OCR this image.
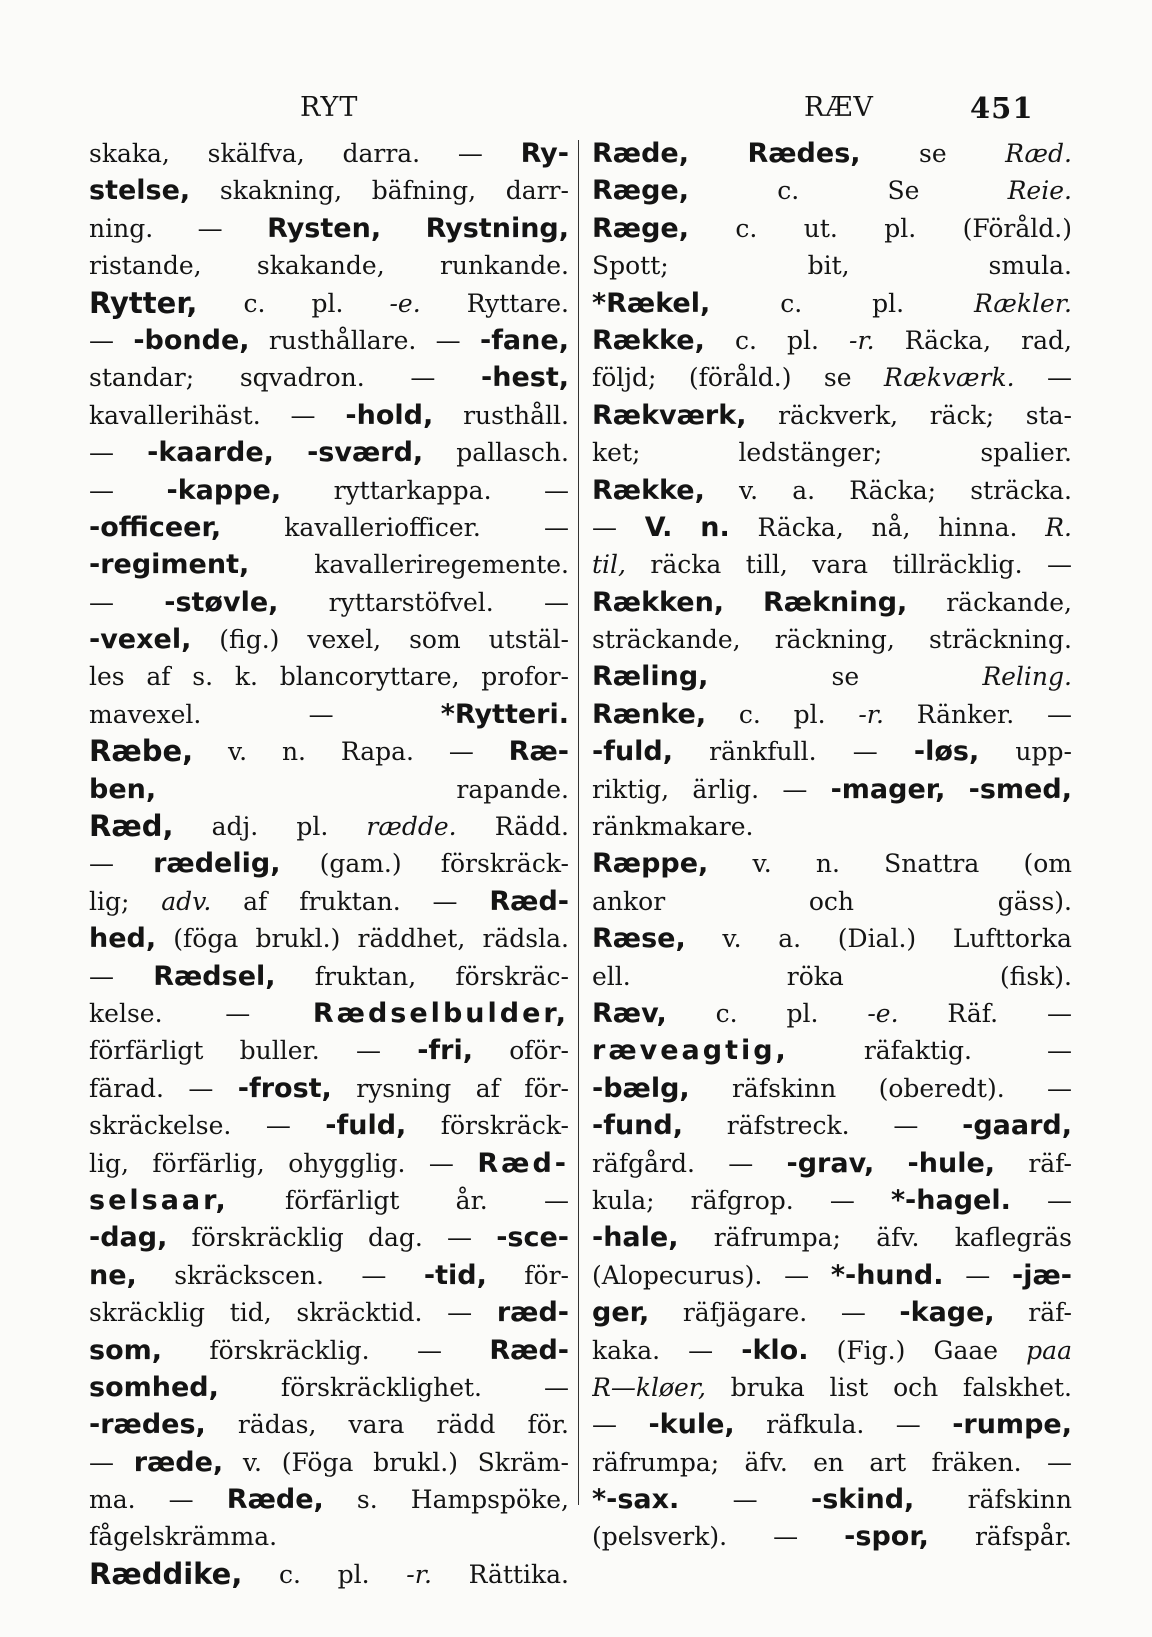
RYT	RÆV	451
skaka, skälfva, darra. — Ry-
stelse, skakning, bäfning, darr-
ning. — Rysten, Rystning,
ristande, skakande, runkande.
Rytter, c. pl. -e. Ryttare.
— -bonde, rusthållare. — -fane,
standar; sqvadron. — -hest,
kavallerihäst. — -hold, rusthåll.
— -kaarde, -sværd, pallasch.
— -kappe, ryttarkappa. —
-officeer,	kavalleriofficer.	—
-regiment,	kavalleriregemente.
— -støvle, ryttarstöfvel. —
-vexel, (fig.) vexel, som utstäl-
les af s. k. blancoryttare, profor-
mavexel.	—	*Rytteri.
Ræbe, v. n. Rapa. — Ræ-
ben,	rapande.
Ræd, adj. pl. rædde. Rädd.
— rædelig, (gam.) förskräck-
lig; adv. af fruktan. — Ræd-
hed, (föga brukl.) räddhet, rädsla.
— Rædsel, fruktan, förskräc-
kelse.	— Rædselbulder,
förfärligt buller. — -fri, oför-
färad. — -frost, rysning af för-
skräckelse. — -fuld, förskräck-
lig, förfärlig, ohygglig. — Ræd-
selsaar, förfärligt år. —
-dag, förskräcklig dag. — -sce-
ne, skräckscen. — -tid, för-
skräcklig tid, skräcktid. — ræd-
som, förskräcklig. — Ræd-
somhed, förskräcklighet. —
-rædes, rädas, vara rädd för.
— ræde, v. (Föga brukl.) Skräm-
ma. — Ræde, s. Hampspöke,
fågelskrämma.
Ræddike, c. pl. -r. Rättika.
Ræde, Rædes, se Ræd.
Ræge,	c.	Se	Reie.
Ræge, c. ut. pl. (Föråld.)
Spott;	bit,	smula.
*Rækel,	c.	pl.	Rækler.
Række, c. pl. -r. Räcka, rad,
följd; (föråld.) se Rækværk. —
Rækværk, räckverk, räck; sta-
ket;	ledstänger;	spalier.
Række, v. a. Räcka; sträcka.
— V. n. Räcka, nå, hinna. R.
til, räcka till, vara tillräcklig. —
Rækken, Rækning, räckande,
sträckande, räckning, sträckning.
Ræling,	se	Reling.
Rænke, c. pl. -r. Ränker. —
-fuld, ränkfull. — -løs, upp-
riktig, ärlig. — -mager, -smed,
ränkmakare.
Ræppe, v. n. Snattra (om
ankor	och	gäss).
Ræse, v. a. (Dial.) Lufttorka
ell.	röka	(fisk).
Ræv, c. pl. -e. Räf. —
ræveagtig,	räfaktig.	—
-bælg, räfskinn (oberedt). —
-fund, räfstreck. — -gaard,
räfgård. — -grav, -hule, räf-
kula; räfgrop. — *-hagel. —
-hale, räfrumpa; äfv. kaflegräs
(Alopecurus). — *-hund. — -jæ-
ger, räfjägare. — -kage, räf-
kaka. — -klo. (Fig.) Gaae paa
R—kløer, bruka list och falskhet.
— -kule, räfkula. — -rumpe,
räfrumpa; äfv. en art fräken. —
*-sax. — -skind, räfskinn
(pelsverk). — -spor, räfspår.
